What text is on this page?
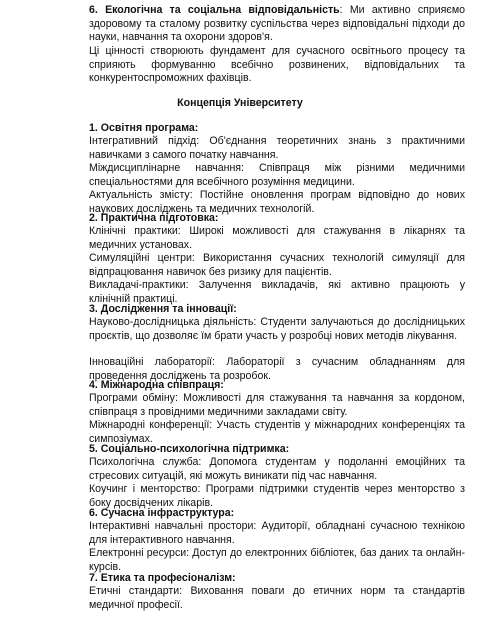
6. Екологічна та соціальна відповідальність: Ми активно сприяємо здоровому та сталому розвитку суспільства через відповідальні підходи до науки, навчання та охорони здоров'я.
Ці цінності створюють фундамент для сучасного освітнього процесу та сприяють формуванню всебічно розвинених, відповідальних та конкурентоспроможних фахівців.
Концепція Університету
1. Освітня програма:
Інтегративний підхід: Об'єднання теоретичних знань з практичними навичками з самого початку навчання.
Міждисциплінарне навчання: Співпраця між різними медичними спеціальностями для всебічного розуміння медицини.
Актуальність змісту: Постійне оновлення програм відповідно до нових наукових досліджень та медичних технологій.
2. Практична підготовка:
Клінічні практики: Широкі можливості для стажування в лікарнях та медичних установах.
Симуляційні центри: Використання сучасних технологій симуляції для відпрацювання навичок без ризику для пацієнтів.
Викладачі-практики: Залучення викладачів, які активно працюють у клінічній практиці.
3. Дослідження та інновації:
Науково-дослідницька діяльність: Студенти залучаються до дослідницьких проєктів, що дозволяє їм брати участь у розробці нових методів лікування.
Інноваційні лабораторії: Лабораторії з сучасним обладнанням для проведення досліджень та розробок.
4. Міжнародна співпраця:
Програми обміну: Можливості для стажування та навчання за кордоном, співпраця з провідними медичними закладами світу.
Міжнародні конференції: Участь студентів у міжнародних конференціях та симпозіумах.
5. Соціально-психологічна підтримка:
Психологічна служба: Допомога студентам у подоланні емоційних та стресових ситуацій, які можуть виникати під час навчання.
Коучинг і менторство: Програми підтримки студентів через менторство з боку досвідчених лікарів.
6. Сучасна інфраструктура:
Інтерактивні навчальні простори: Аудиторії, обладнані сучасною технікою для інтерактивного навчання.
Електронні ресурси: Доступ до електронних бібліотек, баз даних та онлайн-курсів.
7. Етика та професіоналізм:
Етичні стандарти: Виховання поваги до етичних норм та стандартів медичної професії.
